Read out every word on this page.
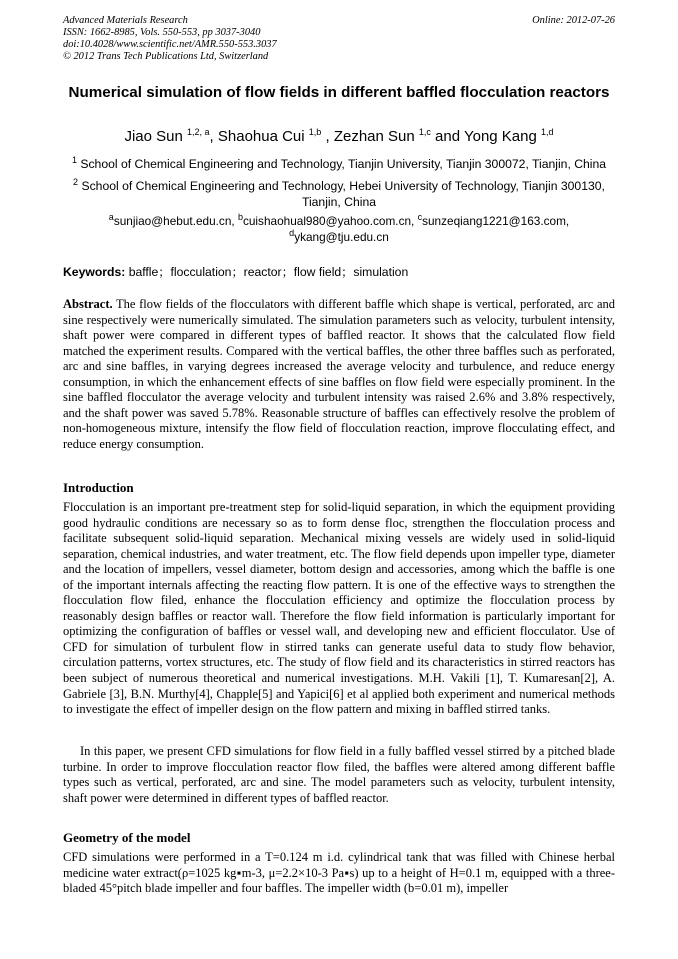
Advanced Materials Research
ISSN: 1662-8985, Vols. 550-553, pp 3037-3040
doi:10.4028/www.scientific.net/AMR.550-553.3037
© 2012 Trans Tech Publications Ltd, Switzerland
Online: 2012-07-26
Numerical simulation of flow fields in different baffled flocculation reactors
Jiao Sun $^{1,2, a}$, Shaohua Cui $^{1,b}$ , Zezhan Sun $^{1,c}$ and Yong Kang $^{1,d}$
$^1$ School of Chemical Engineering and Technology, Tianjin University, Tianjin 300072, Tianjin, China
$^2$ School of Chemical Engineering and Technology, Hebei University of Technology, Tianjin 300130, Tianjin, China
$^a$sunjiao@hebut.edu.cn, $^b$cuishaohual980@yahoo.com.cn, $^c$sunzeqiang1221@163.com,
$^d$ykang@tju.edu.cn
Keywords: baffle；flocculation；reactor；flow field；simulation
Abstract. The flow fields of the flocculators with different baffle which shape is vertical, perforated, arc and sine respectively were numerically simulated. The simulation parameters such as velocity, turbulent intensity, shaft power were compared in different types of baffled reactor. It shows that the calculated flow field matched the experiment results. Compared with the vertical baffles, the other three baffles such as perforated, arc and sine baffles, in varying degrees increased the average velocity and turbulence, and reduce energy consumption, in which the enhancement effects of sine baffles on flow field were especially prominent. In the sine baffled flocculator the average velocity and turbulent intensity was raised 2.6% and 3.8% respectively, and the shaft power was saved 5.78%. Reasonable structure of baffles can effectively resolve the problem of non-homogeneous mixture, intensify the flow field of flocculation reaction, improve flocculating effect, and reduce energy consumption.
Introduction
Flocculation is an important pre-treatment step for solid-liquid separation, in which the equipment providing good hydraulic conditions are necessary so as to form dense floc, strengthen the flocculation process and facilitate subsequent solid-liquid separation. Mechanical mixing vessels are widely used in solid-liquid separation, chemical industries, and water treatment, etc. The flow field depends upon impeller type, diameter and the location of impellers, vessel diameter, bottom design and accessories, among which the baffle is one of the important internals affecting the reacting flow pattern. It is one of the effective ways to strengthen the flocculation flow filed, enhance the flocculation efficiency and optimize the flocculation process by reasonably design baffles or reactor wall. Therefore the flow field information is particularly important for optimizing the configuration of baffles or vessel wall, and developing new and efficient flocculator. Use of CFD for simulation of turbulent flow in stirred tanks can generate useful data to study flow behavior, circulation patterns, vortex structures, etc. The study of flow field and its characteristics in stirred reactors has been subject of numerous theoretical and numerical investigations. M.H. Vakili [1], T. Kumaresan[2], A. Gabriele [3], B.N. Murthy[4], Chapple[5] and Yapici[6] et al applied both experiment and numerical methods to investigate the effect of impeller design on the flow pattern and mixing in baffled stirred tanks.
In this paper, we present CFD simulations for flow field in a fully baffled vessel stirred by a pitched blade turbine. In order to improve flocculation reactor flow filed, the baffles were altered among different baffle types such as vertical, perforated, arc and sine. The model parameters such as velocity, turbulent intensity, shaft power were determined in different types of baffled reactor.
Geometry of the model
CFD simulations were performed in a T=0.124 m i.d. cylindrical tank that was filled with Chinese herbal medicine water extract(ρ=1025 kg▪m-3, μ=2.2×10-3 Pa▪s) up to a height of H=0.1 m, equipped with a three-bladed 45°pitch blade impeller and four baffles. The impeller width (b=0.01 m), impeller
